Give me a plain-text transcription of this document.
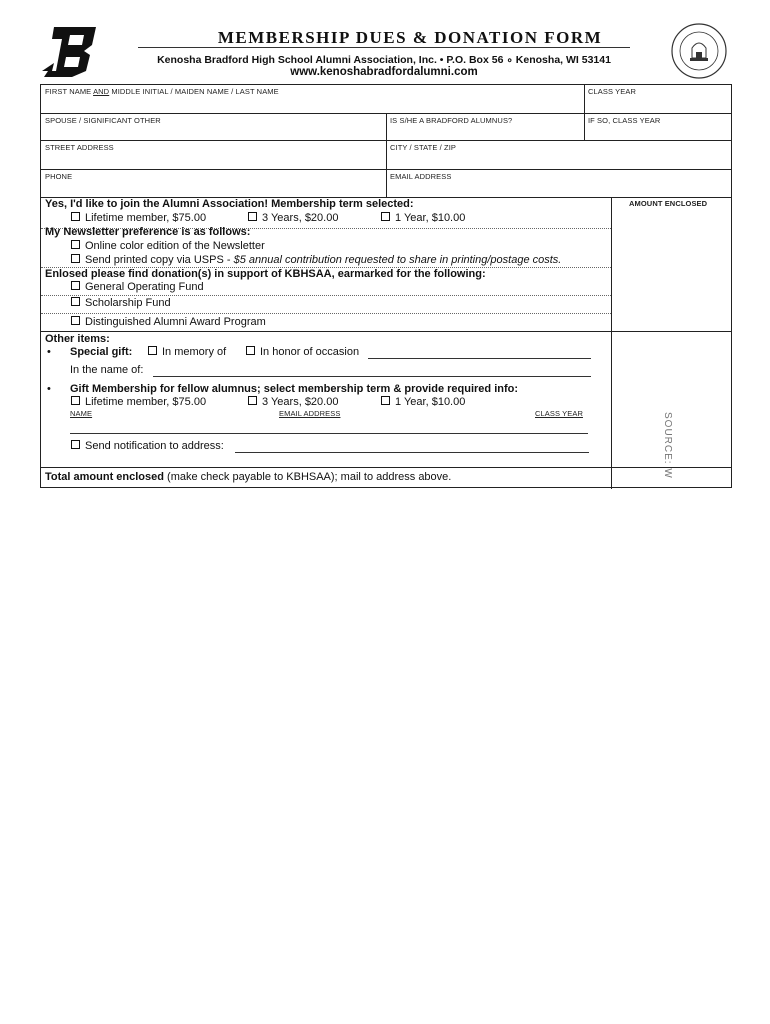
MEMBERSHIP DUES & DONATION FORM
Kenosha Bradford High School Alumni Association, Inc. • P.O. Box 56 ∘ Kenosha, WI 53141
www.kenoshabradfordalumni.com
FIRST NAME AND MIDDLE INITIAL / MAIDEN NAME / LAST NAME	CLASS YEAR
SPOUSE / SIGNIFICANT OTHER	IS S/HE A BRADFORD ALUMNUS?	IF SO, CLASS YEAR
STREET ADDRESS	CITY / STATE / ZIP
PHONE	EMAIL ADDRESS
AMOUNT ENCLOSED
Yes, I'd like to join the Alumni Association! Membership term selected:
Lifetime member, $75.00	3 Years, $20.00	1 Year, $10.00
My Newsletter preference is as follows:
Online color edition of the Newsletter
Send printed copy via USPS - $5 annual contribution requested to share in printing/postage costs.
Enlosed please find donation(s) in support of KBHSAA, earmarked for the following:
General Operating Fund
Scholarship Fund
Distinguished Alumni Award Program
Other items:
• Special gift:	In memory of	In honor of occasion
In the name of:
• Gift Membership for fellow alumnus; select membership term & provide required info:
Lifetime member, $75.00	3 Years, $20.00	1 Year, $10.00
NAME	EMAIL ADDRESS	CLASS YEAR
Send notification to address:
Total amount enclosed (make check payable to KBHSAA); mail to address above.	SOURCE: W
